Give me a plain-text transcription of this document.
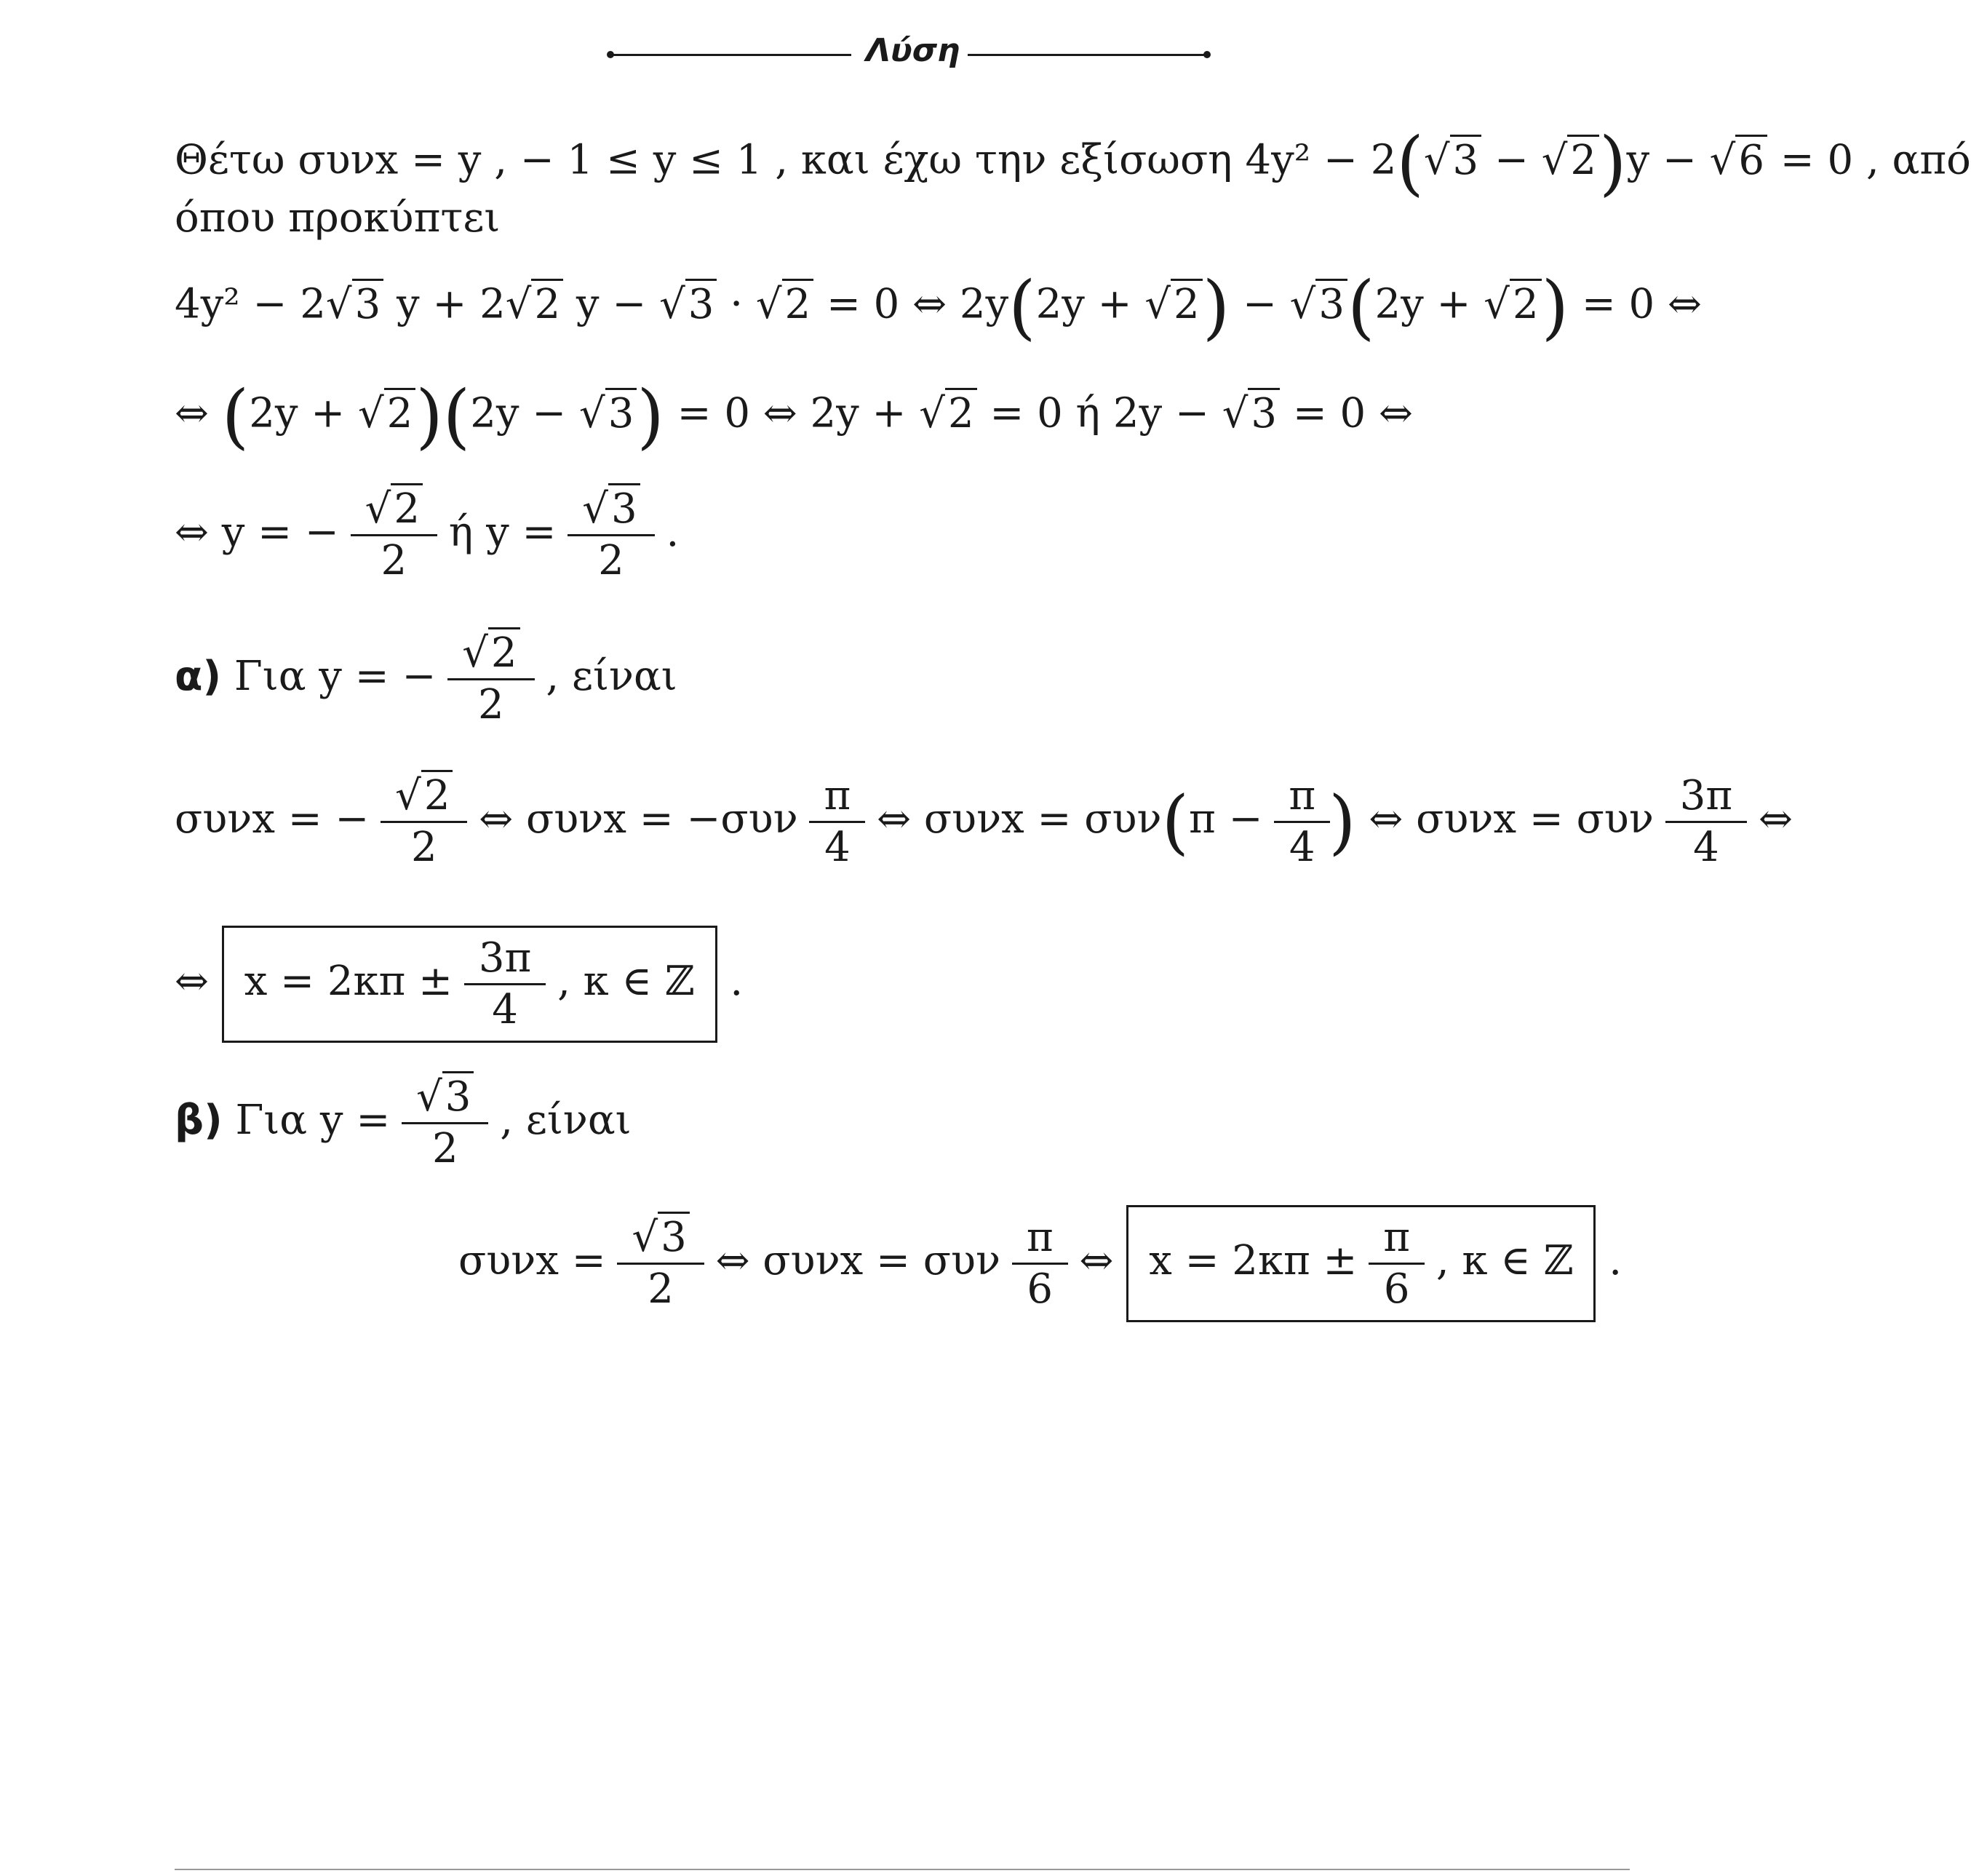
Λύση
Θέτω συνx = y , − 1 ≤ y ≤ 1 , και έχω την εξίσωση 4y² − 2(√3 − √2)y − √6 = 0 , από
όπου προκύπτει
4y² − 2√3 y + 2√2 y − √3 · √2 = 0 ⇔ 2y(2y + √2) − √3(2y + √2) = 0 ⇔
⇔ (2y + √2)(2y − √3) = 0 ⇔ 2y + √2 = 0 ή 2y − √3 = 0 ⇔
⇔ y = − $\frac{√2}{2}$ ή $y = \frac{√3}{2}$ .
α) Για y = − $\frac{√2}{2}$ , είναι
συνx = − $\frac{√2}{2}$ ⇔ $\sigma\upsilon\nu x = -\sigma\upsilon\nu \frac{\pi}{4}$ ⇔ $\sigma\upsilon\nu x = \sigma\upsilon\nu(\pi - \frac{\pi}{4}$ ) ⇔ συνx = συν $\frac{3\pi}{4}$ ⇔
⇔ $x = 2\kappa\pi \pm \frac{3\pi}{4}$ , κ ∈ ℤ .
β) Για $y = \frac{√3}{2}$ , είναι
$\sigma\upsilon\nu x = \frac{√3}{2}$ ⇔ συνx = συν $\frac{\pi}{6}$ ⇔ $x = 2\kappa\pi \pm \frac{\pi}{6}$ , κ ∈ ℤ .
